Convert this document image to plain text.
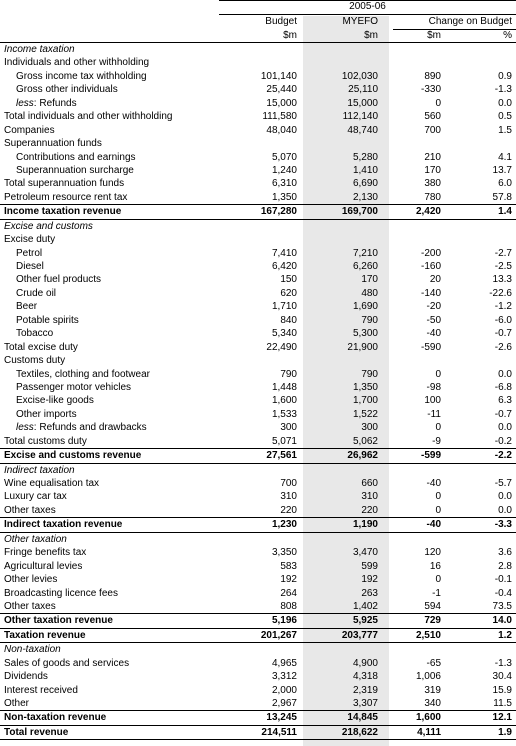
2005-06
Budget	MYEFO	Change on Budget
$m	$m	$m	%
Income taxation
Individuals and other withholding
Gross income tax withholding	101,140	102,030	890	0.9
Gross other individuals	25,440	25,110	-330	-1.3
less: Refunds	15,000	15,000	0	0.0
Total individuals and other withholding	111,580	112,140	560	0.5
Companies	48,040	48,740	700	1.5
Superannuation funds
Contributions and earnings	5,070	5,280	210	4.1
Superannuation surcharge	1,240	1,410	170	13.7
Total superannuation funds	6,310	6,690	380	6.0
Petroleum resource rent tax	1,350	2,130	780	57.8
Income taxation revenue	167,280	169,700	2,420	1.4
Excise and customs
Excise duty
Petrol	7,410	7,210	-200	-2.7
Diesel	6,420	6,260	-160	-2.5
Other fuel products	150	170	20	13.3
Crude oil	620	480	-140	-22.6
Beer	1,710	1,690	-20	-1.2
Potable spirits	840	790	-50	-6.0
Tobacco	5,340	5,300	-40	-0.7
Total excise duty	22,490	21,900	-590	-2.6
Customs duty
Textiles, clothing and footwear	790	790	0	0.0
Passenger motor vehicles	1,448	1,350	-98	-6.8
Excise-like goods	1,600	1,700	100	6.3
Other imports	1,533	1,522	-11	-0.7
less: Refunds and drawbacks	300	300	0	0.0
Total customs duty	5,071	5,062	-9	-0.2
Excise and customs revenue	27,561	26,962	-599	-2.2
Indirect taxation
Wine equalisation tax	700	660	-40	-5.7
Luxury car tax	310	310	0	0.0
Other taxes	220	220	0	0.0
Indirect taxation revenue	1,230	1,190	-40	-3.3
Other taxation
Fringe benefits tax	3,350	3,470	120	3.6
Agricultural levies	583	599	16	2.8
Other levies	192	192	0	-0.1
Broadcasting licence fees	264	263	-1	-0.4
Other taxes	808	1,402	594	73.5
Other taxation revenue	5,196	5,925	729	14.0
Taxation revenue	201,267	203,777	2,510	1.2
Non-taxation
Sales of goods and services	4,965	4,900	-65	-1.3
Dividends	3,312	4,318	1,006	30.4
Interest received	2,000	2,319	319	15.9
Other	2,967	3,307	340	11.5
Non-taxation revenue	13,245	14,845	1,600	12.1
Total revenue	214,511	218,622	4,111	1.9
